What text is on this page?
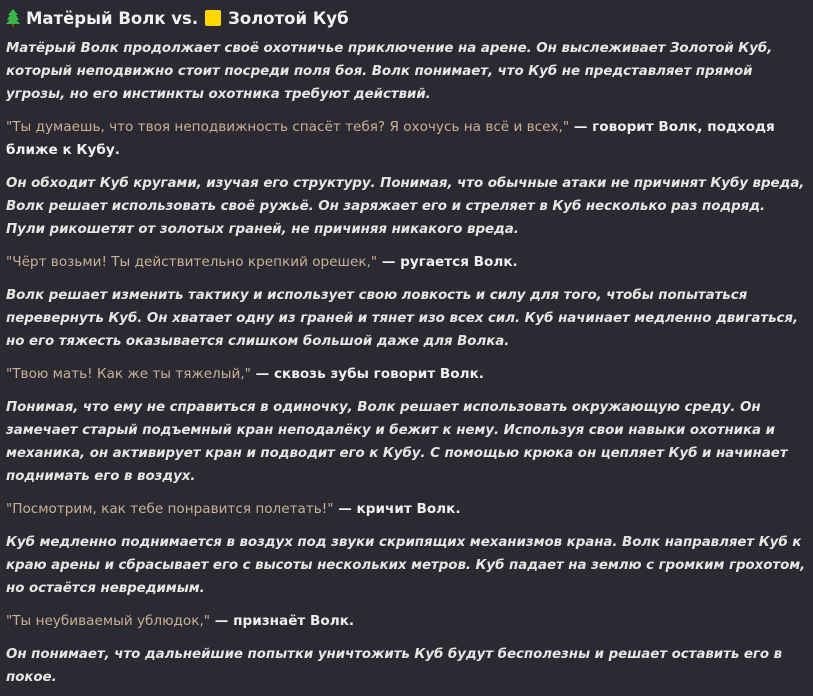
Матёрый Волк vs. Золотой Куб

Матёрый Волк продолжает своё охотничье приключение на арене. Он выслеживает Золотой Куб, который неподвижно стоит посреди поля боя. Волк понимает, что Куб не представляет прямой угрозы, но его инстинкты охотника требуют действий.

"Ты думаешь, что твоя неподвижность спасёт тебя? Я охочусь на всё и всех," — говорит Волк, подходя ближе к Кубу.

Он обходит Куб кругами, изучая его структуру. Понимая, что обычные атаки не причинят Кубу вреда, Волк решает использовать своё ружьё. Он заряжает его и стреляет в Куб несколько раз подряд. Пули рикошетят от золотых граней, не причиняя никакого вреда.

"Чёрт возьми! Ты действительно крепкий орешек," — ругается Волк.

Волк решает изменить тактику и использует свою ловкость и силу для того, чтобы попытаться перевернуть Куб. Он хватает одну из граней и тянет изо всех сил. Куб начинает медленно двигаться, но его тяжесть оказывается слишком большой даже для Волка.

"Твою мать! Как же ты тяжелый," — сквозь зубы говорит Волк.

Понимая, что ему не справиться в одиночку, Волк решает использовать окружающую среду. Он замечает старый подъемный кран неподалёку и бежит к нему. Используя свои навыки охотника и механика, он активирует кран и подводит его к Кубу. С помощью крюка он цепляет Куб и начинает поднимать его в воздух.

"Посмотрим, как тебе понравится полетать!" — кричит Волк.

Куб медленно поднимается в воздух под звуки скрипящих механизмов крана. Волк направляет Куб к краю арены и сбрасывает его с высоты нескольких метров. Куб падает на землю с громким грохотом, но остаётся невредимым.

"Ты неубиваемый ублюдок," — признаёт Волк.

Он понимает, что дальнейшие попытки уничтожить Куб будут бесполезны и решает оставить его в покое.
